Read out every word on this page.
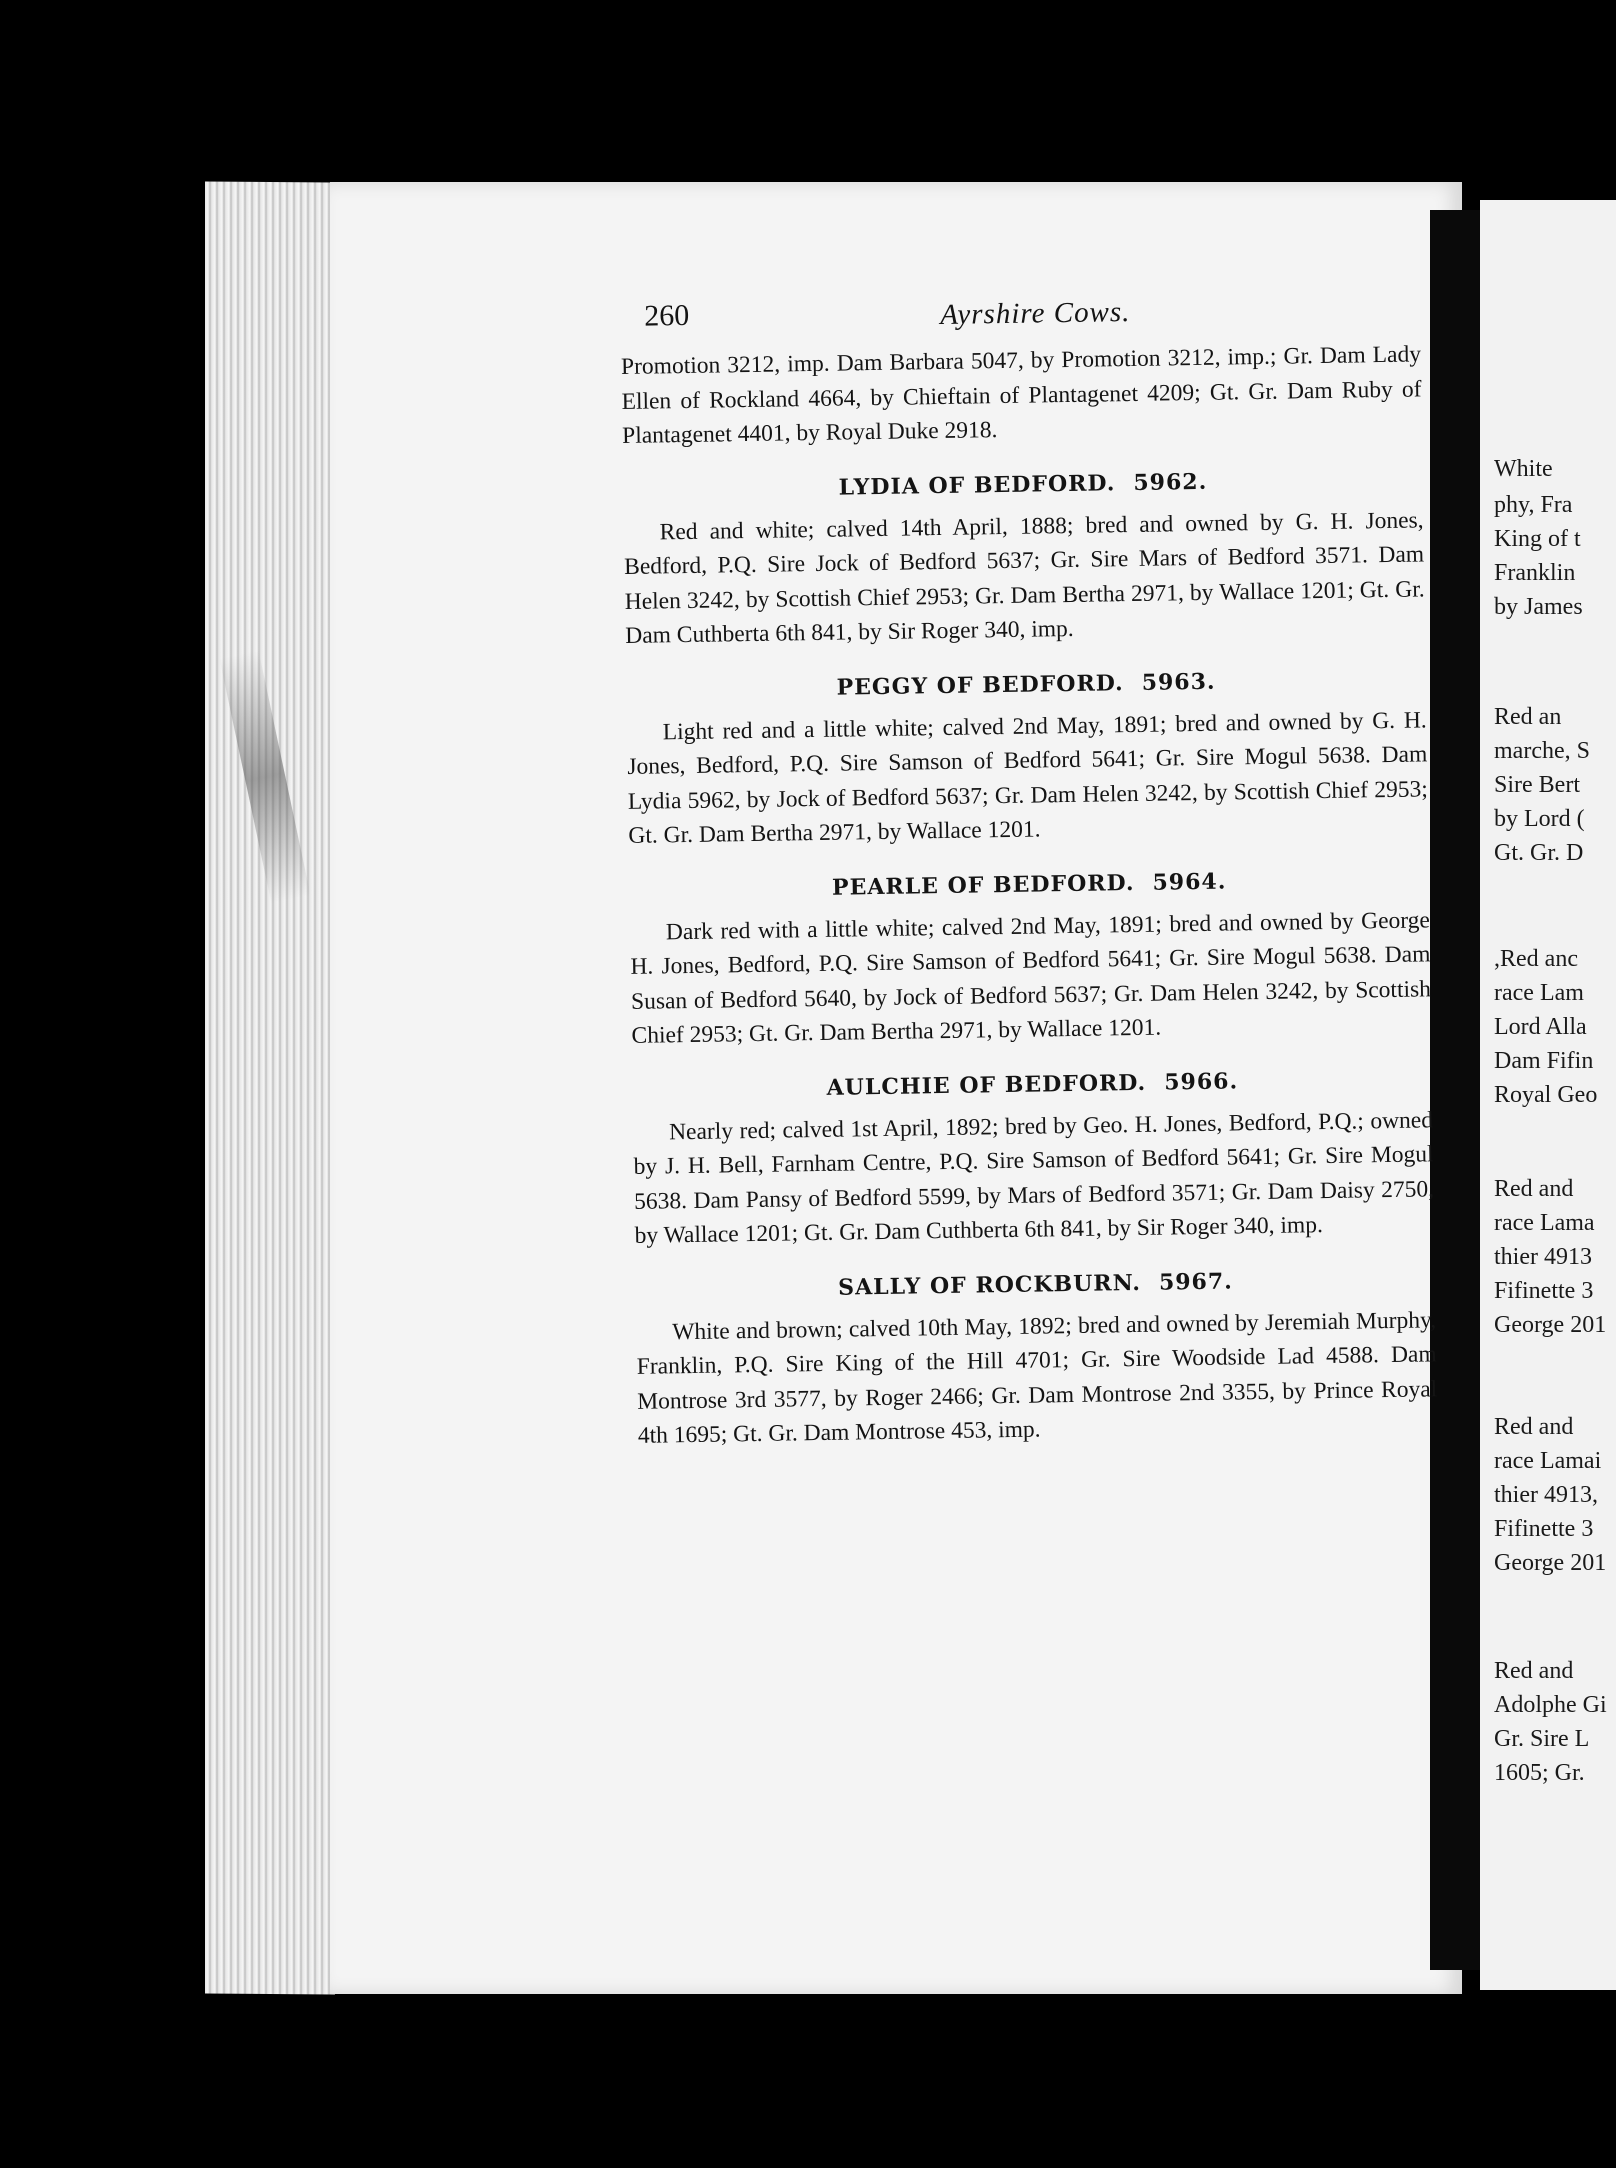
White
phy, Fra
King of t
Franklin
by James
Red an
marche, S
Sire Bert
by Lord (
Gt. Gr. D
,Red anc
race Lam
Lord Alla
Dam Fifin
Royal Geo
Red and
race Lama
thier 4913
Fifinette 3
George 201
Red and
race Lamai
thier 4913,
Fifinette 3
George 201
Red and
Adolphe Gi
Gr. Sire L
1605; Gr.
260	Ayrshire Cows.

Promotion 3212, imp. Dam Barbara 5047, by Promotion 3212, imp.; Gr. Dam Lady Ellen of Rockland 4664, by Chieftain of Plantagenet 4209; Gt. Gr. Dam Ruby of Plantagenet 4401, by Royal Duke 2918.

LYDIA OF BEDFORD. 5962.

Red and white; calved 14th April, 1888; bred and owned by G. H. Jones, Bedford, P.Q. Sire Jock of Bedford 5637; Gr. Sire Mars of Bedford 3571. Dam Helen 3242, by Scottish Chief 2953; Gr. Dam Bertha 2971, by Wallace 1201; Gt. Gr. Dam Cuthberta 6th 841, by Sir Roger 340, imp.

PEGGY OF BEDFORD. 5963.

Light red and a little white; calved 2nd May, 1891; bred and owned by G. H. Jones, Bedford, P.Q. Sire Samson of Bedford 5641; Gr. Sire Mogul 5638. Dam Lydia 5962, by Jock of Bedford 5637; Gr. Dam Helen 3242, by Scottish Chief 2953; Gt. Gr. Dam Bertha 2971, by Wallace 1201.

PEARLE OF BEDFORD. 5964.

Dark red with a little white; calved 2nd May, 1891; bred and owned by George H. Jones, Bedford, P.Q. Sire Samson of Bedford 5641; Gr. Sire Mogul 5638. Dam Susan of Bedford 5640, by Jock of Bedford 5637; Gr. Dam Helen 3242, by Scottish Chief 2953; Gt. Gr. Dam Bertha 2971, by Wallace 1201.

AULCHIE OF BEDFORD. 5966.

Nearly red; calved 1st April, 1892; bred by Geo. H. Jones, Bedford, P.Q.; owned by J. H. Bell, Farnham Centre, P.Q. Sire Samson of Bedford 5641; Gr. Sire Mogul 5638. Dam Pansy of Bedford 5599, by Mars of Bedford 3571; Gr. Dam Daisy 2750, by Wallace 1201; Gt. Gr. Dam Cuthberta 6th 841, by Sir Roger 340, imp.

SALLY OF ROCKBURN. 5967.

White and brown; calved 10th May, 1892; bred and owned by Jeremiah Murphy, Franklin, P.Q. Sire King of the Hill 4701; Gr. Sire Woodside Lad 4588. Dam Montrose 3rd 3577, by Roger 2466; Gr. Dam Montrose 2nd 3355, by Prince Royal 4th 1695; Gt. Gr. Dam Montrose 453, imp.
